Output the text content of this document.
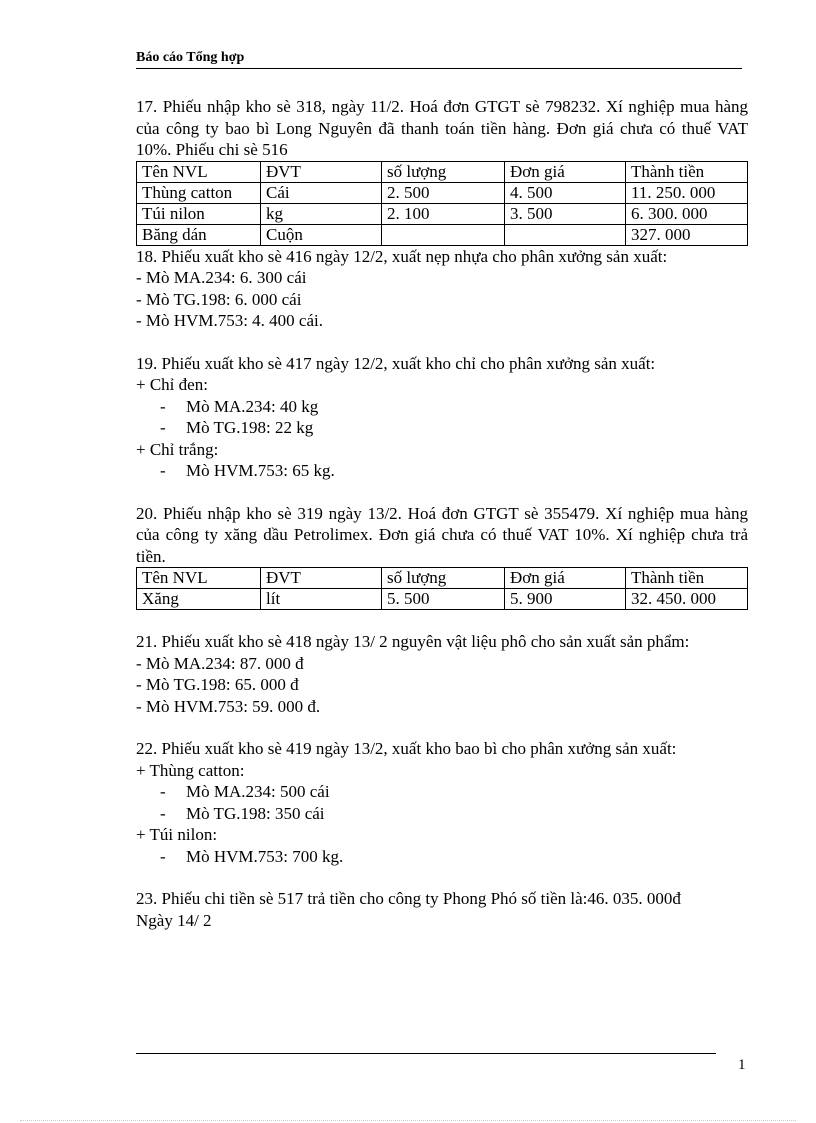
Báo cáo Tổng hợp
17. Phiếu nhập kho sè 318, ngày 11/2. Hoá đơn GTGT sè 798232. Xí nghiệp mua hàng của công ty bao bì Long Nguyên đã thanh toán tiền hàng. Đơn giá chưa có thuế VAT 10%. Phiếu chi sè 516
Tên NVL	ĐVT	số lượng	Đơn giá	Thành tiền
Thùng catton	Cái	2. 500	4. 500	11. 250. 000
Túi nilon	kg	2. 100	3. 500	6. 300. 000
Băng dán	Cuộn			327. 000
18. Phiếu xuất kho sè 416 ngày 12/2, xuất nẹp nhựa cho phân xưởng sản xuất:
- Mò MA.234: 6. 300 cái
- Mò TG.198: 6. 000 cái
- Mò HVM.753: 4. 400 cái.
19. Phiếu xuất kho sè 417 ngày 12/2, xuất kho chỉ cho phân xưởng sản xuất:
+ Chỉ đen:
- Mò MA.234: 40 kg
- Mò TG.198: 22 kg
+ Chỉ trắng:
- Mò HVM.753: 65 kg.
20. Phiếu nhập kho sè 319 ngày 13/2. Hoá đơn GTGT sè 355479. Xí nghiệp mua hàng của công ty xăng dầu Petrolimex. Đơn giá chưa có thuế VAT 10%. Xí nghiệp chưa trả tiền.
Tên NVL	ĐVT	số lượng	Đơn giá	Thành tiền
Xăng	lít	5. 500	5. 900	32. 450. 000
21. Phiếu xuất kho sè 418 ngày 13/ 2 nguyên vật liệu phô cho sản xuất sản phẩm:
- Mò MA.234: 87. 000 đ
- Mò TG.198: 65. 000 đ
- Mò HVM.753: 59. 000 đ.
22. Phiếu xuất kho sè 419 ngày 13/2, xuất kho bao bì cho phân xưởng sản xuất:
+ Thùng catton:
- Mò MA.234: 500 cái
- Mò TG.198: 350 cái
+ Túi nilon:
- Mò HVM.753: 700 kg.
23. Phiếu chi tiền sè 517 trả tiền cho công ty Phong Phó số tiền là:46. 035. 000đ
Ngày 14/ 2
1
